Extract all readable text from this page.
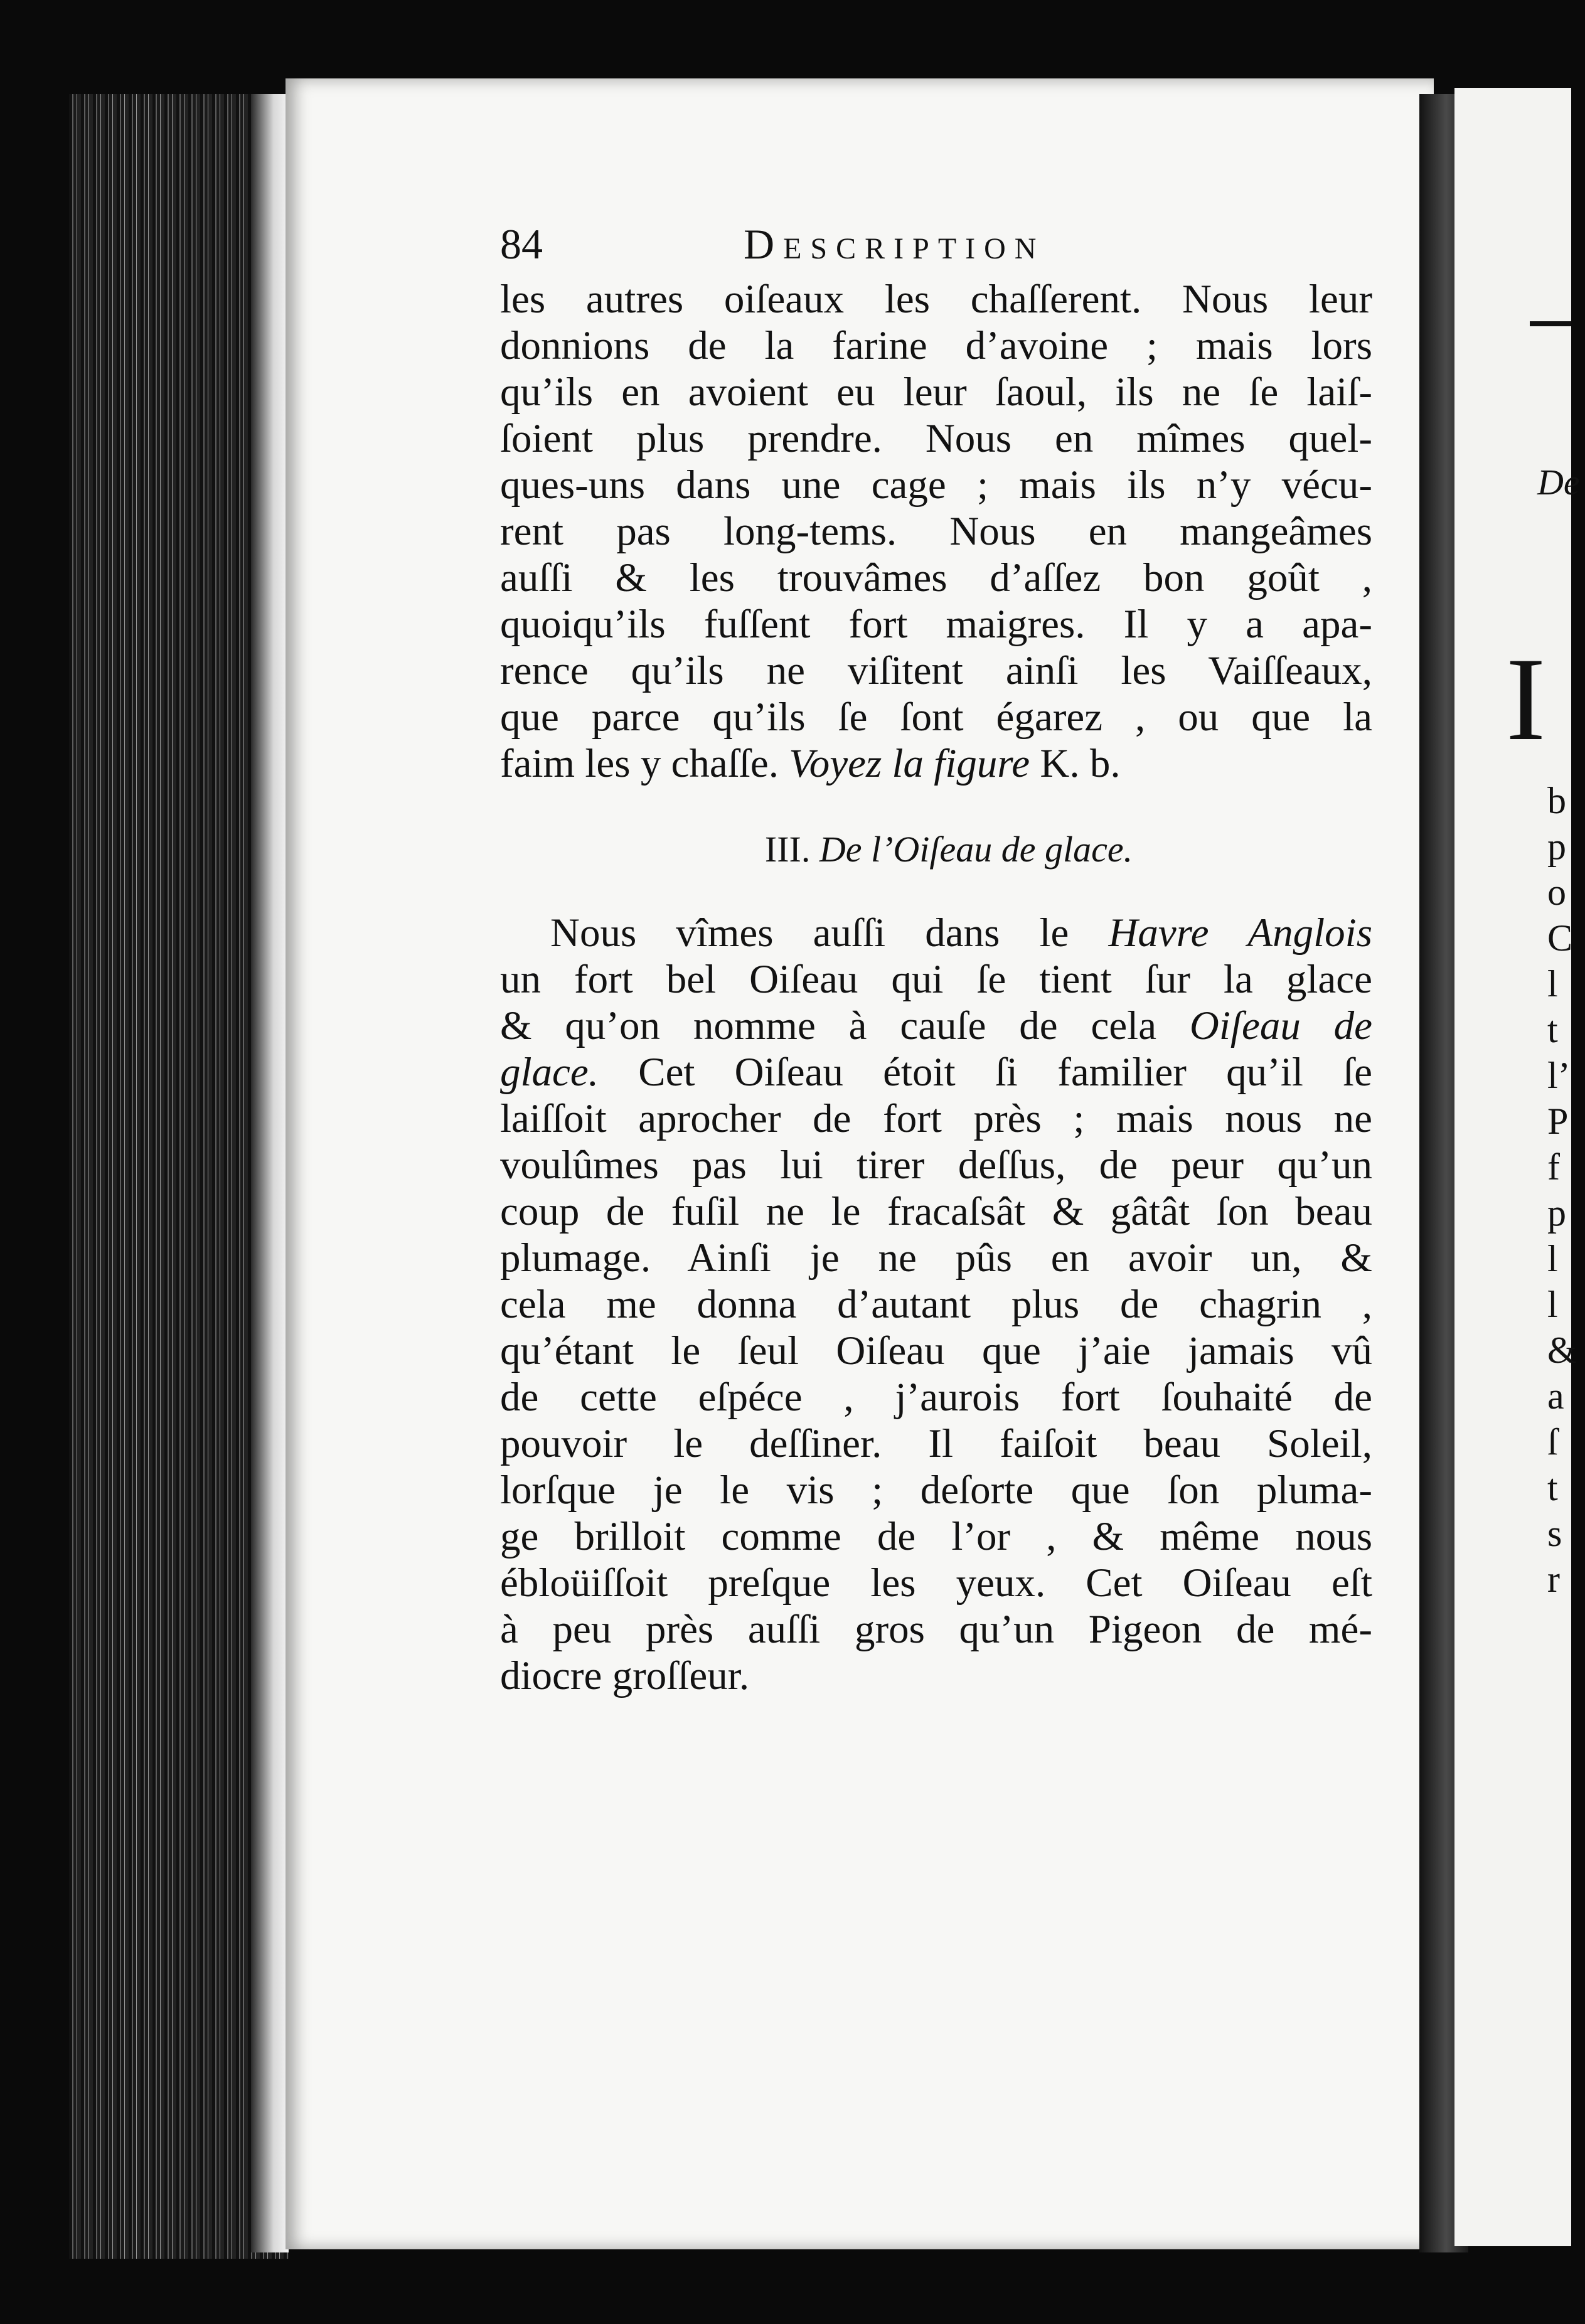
84	Description
les autres oiſeaux les chaſſerent. Nous leur
donnions de la farine d’avoine ; mais lors
qu’ils en avoient eu leur ſaoul, ils ne ſe laiſ-
ſoient plus prendre. Nous en mîmes quel-
ques-uns dans une cage ; mais ils n’y vécu-
rent pas long-tems. Nous en mangeâmes
auſſi & les trouvâmes d’aſſez bon goût ,
quoiqu’ils fuſſent fort maigres. Il y a apa-
rence qu’ils ne viſitent ainſi les Vaiſſeaux,
que parce qu’ils ſe ſont égarez , ou que la
faim les y chaſſe. Voyez la figure K. b.
III. De l’Oiſeau de glace.
Nous vîmes auſſi dans le Havre Anglois
un fort bel Oiſeau qui ſe tient ſur la glace
& qu’on nomme à cauſe de cela Oiſeau de
glace. Cet Oiſeau étoit ſi familier qu’il ſe
laiſſoit aprocher de fort près ; mais nous ne
voulûmes pas lui tirer deſſus, de peur qu’un
coup de fuſil ne le fracaſsât & gâtât ſon beau
plumage. Ainſi je ne pûs en avoir un, &
cela me donna d’autant plus de chagrin ,
qu’étant le ſeul Oiſeau que j’aie jamais vû
de cette eſpéce , j’aurois fort ſouhaité de
pouvoir le deſſiner. Il faiſoit beau Soleil,
lorſque je le vis ; deſorte que ſon pluma-
ge brilloit comme de l’or , & même nous
ébloüiſſoit preſque les yeux. Cet Oiſeau eſt
à peu près auſſi gros qu’un Pigeon de mé-
diocre groſſeur.
De
I
b
p
o
C
l
t
l’
P
f
p
l
l
&
a
ſ
t
s
r
